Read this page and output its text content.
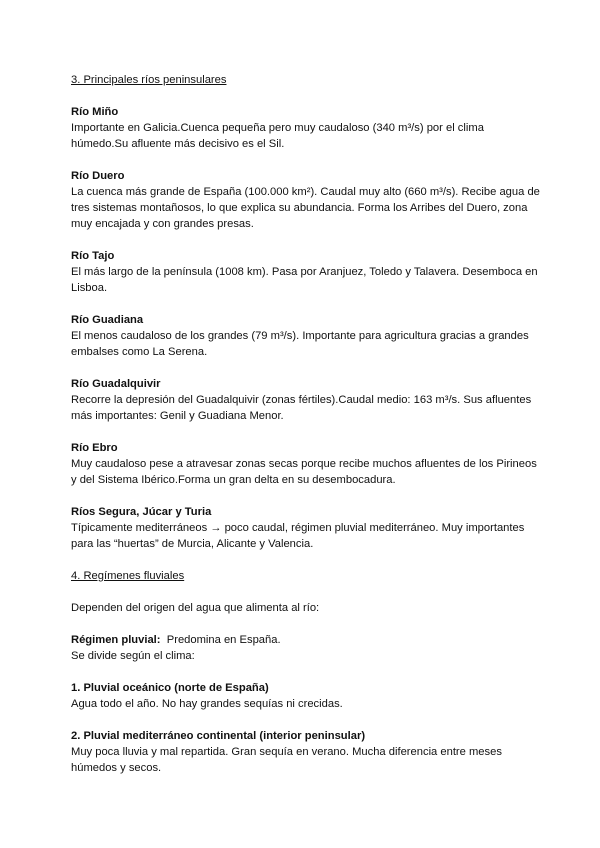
3. Principales ríos peninsulares

Río Miño

Importante en Galicia.Cuenca pequeña pero muy caudaloso (340 m³/s) por el clima húmedo.Su afluente más decisivo es el Sil.

Río Duero

La cuenca más grande de España (100.000 km²). Caudal muy alto (660 m³/s). Recibe agua de tres sistemas montañosos, lo que explica su abundancia. Forma los Arribes del Duero, zona muy encajada y con grandes presas.

Río Tajo

El más largo de la península (1008 km). Pasa por Aranjuez, Toledo y Talavera. Desemboca en Lisboa.

Río Guadiana

El menos caudaloso de los grandes (79 m³/s). Importante para agricultura gracias a grandes embalses como La Serena.

Río Guadalquivir

Recorre la depresión del Guadalquivir (zonas fértiles).Caudal medio: 163 m³/s. Sus afluentes más importantes: Genil y Guadiana Menor.

Río Ebro

Muy caudaloso pese a atravesar zonas secas porque recibe muchos afluentes de los Pirineos y del Sistema Ibérico.Forma un gran delta en su desembocadura.

Ríos Segura, Júcar y Turia

Típicamente mediterráneos → poco caudal, régimen pluvial mediterráneo. Muy importantes para las “huertas” de Murcia, Alicante y Valencia.

4. Regímenes fluviales

Dependen del origen del agua que alimenta al río:

Régimen pluvial: Predomina en España.

Se divide según el clima:

1. Pluvial oceánico (norte de España)

Agua todo el año. No hay grandes sequías ni crecidas.

2. Pluvial mediterráneo continental (interior peninsular)

Muy poca lluvia y mal repartida. Gran sequía en verano. Mucha diferencia entre meses húmedos y secos.
